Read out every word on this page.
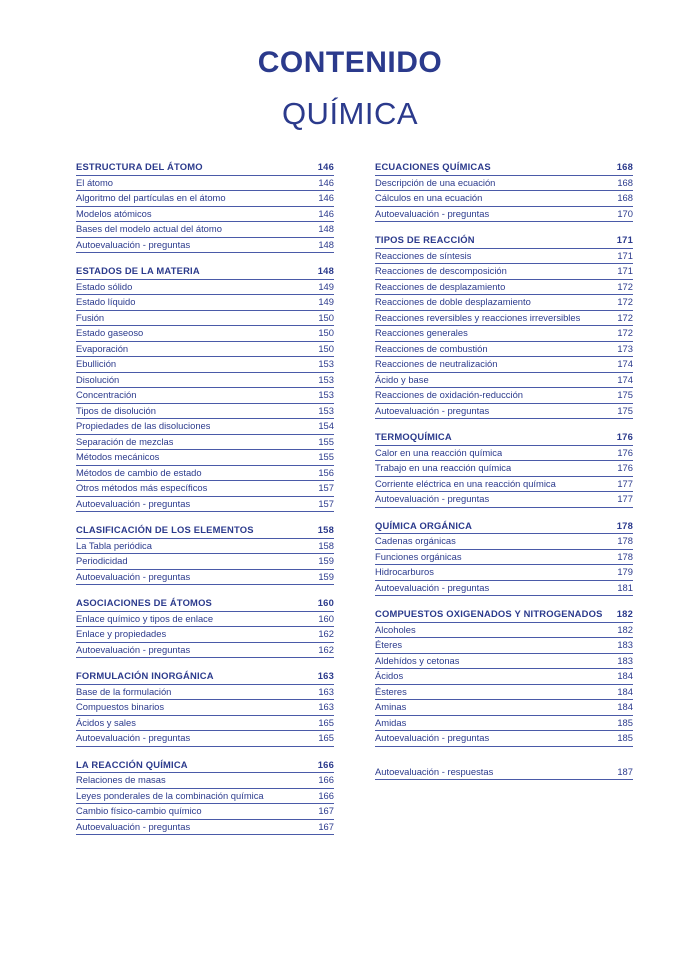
CONTENIDO
QUÍMICA
ESTRUCTURA DEL ÁTOMO	146
El átomo	146
Algoritmo del partículas en el átomo	146
Modelos atómicos	146
Bases del modelo actual del átomo	148
Autoevaluación - preguntas	148
ESTADOS DE LA MATERIA	148
Estado sólido	149
Estado líquido	149
Fusión	150
Estado gaseoso	150
Evaporación	150
Ebullición	153
Disolución	153
Concentración	153
Tipos de disolución	153
Propiedades de las disoluciones	154
Separación de mezclas	155
Métodos mecánicos	155
Métodos de cambio de estado	156
Otros métodos más específicos	157
Autoevaluación - preguntas	157
CLASIFICACIÓN DE LOS ELEMENTOS	158
La Tabla periódica	158
Periodicidad	159
Autoevaluación - preguntas	159
ASOCIACIONES DE ÁTOMOS	160
Enlace químico y tipos de enlace	160
Enlace y propiedades	162
Autoevaluación - preguntas	162
FORMULACIÓN INORGÁNICA	163
Base de la formulación	163
Compuestos binarios	163
Ácidos y sales	165
Autoevaluación - preguntas	165
LA REACCIÓN QUÍMICA	166
Relaciones de masas	166
Leyes ponderales de la combinación química	166
Cambio físico-cambio químico	167
Autoevaluación - preguntas	167
ECUACIONES QUÍMICAS	168
Descripción de una ecuación	168
Cálculos en una ecuación	168
Autoevaluación - preguntas	170
TIPOS DE REACCIÓN	171
Reacciones de síntesis	171
Reacciones de descomposición	171
Reacciones de desplazamiento	172
Reacciones de doble desplazamiento	172
Reacciones reversibles y reacciones irreversibles	172
Reacciones generales	172
Reacciones de combustión	173
Reacciones de neutralización	174
Ácido y base	174
Reacciones de oxidación-reducción	175
Autoevaluación - preguntas	175
TERMOQUÍMICA	176
Calor en una reacción química	176
Trabajo en una reacción química	176
Corriente eléctrica en una reacción química	177
Autoevaluación - preguntas	177
QUÍMICA ORGÁNICA	178
Cadenas orgánicas	178
Funciones orgánicas	178
Hidrocarburos	179
Autoevaluación - preguntas	181
COMPUESTOS OXIGENADOS Y NITROGENADOS	182
Alcoholes	182
Éteres	183
Aldehídos y cetonas	183
Ácidos	184
Ésteres	184
Aminas	184
Amidas	185
Autoevaluación - preguntas	185
Autoevaluación - respuestas	187
